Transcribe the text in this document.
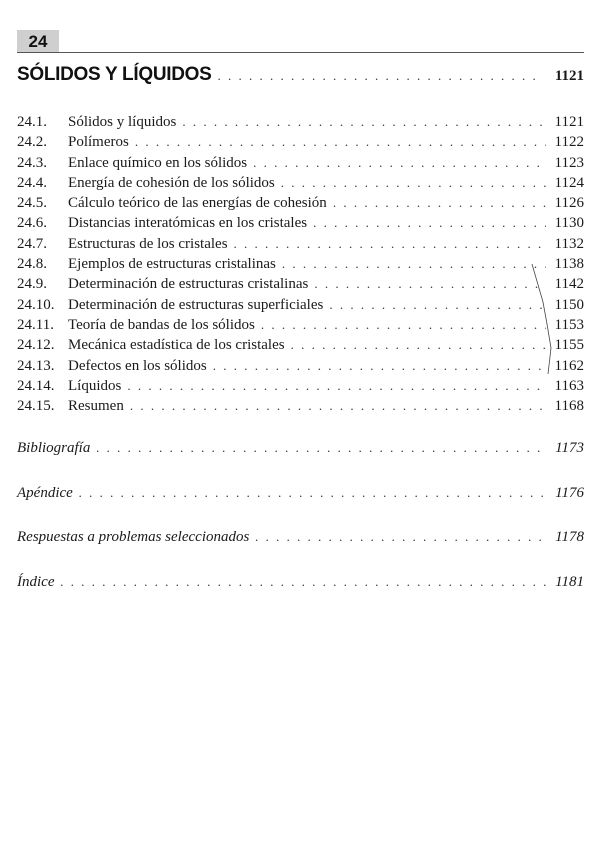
24
SÓLIDOS Y LÍQUIDOS . . .	1121
24.1.	Sólidos y líquidos . . .	1121
24.2.	Polímeros . . .	1122
24.3.	Enlace químico en los sólidos . . .	1123
24.4.	Energía de cohesión de los sólidos . . .	1124
24.5.	Cálculo teórico de las energías de cohesión . . .	1126
24.6.	Distancias interatómicas en los cristales . . .	1130
24.7.	Estructuras de los cristales . . .	1132
24.8.	Ejemplos de estructuras cristalinas . . .	1138
24.9.	Determinación de estructuras cristalinas . . .	1142
24.10. Determinación de estructuras superficiales . . .	1150
24.11. Teoría de bandas de los sólidos . . .	1153
24.12. Mecánica estadística de los cristales . . .	1155
24.13. Defectos en los sólidos . . .	1162
24.14. Líquidos . . .	1163
24.15. Resumen . . .	1168
Bibliografía . . .	1173
Apéndice . . .	1176
Respuestas a problemas seleccionados . . .	1178
Índice . . .	1181
